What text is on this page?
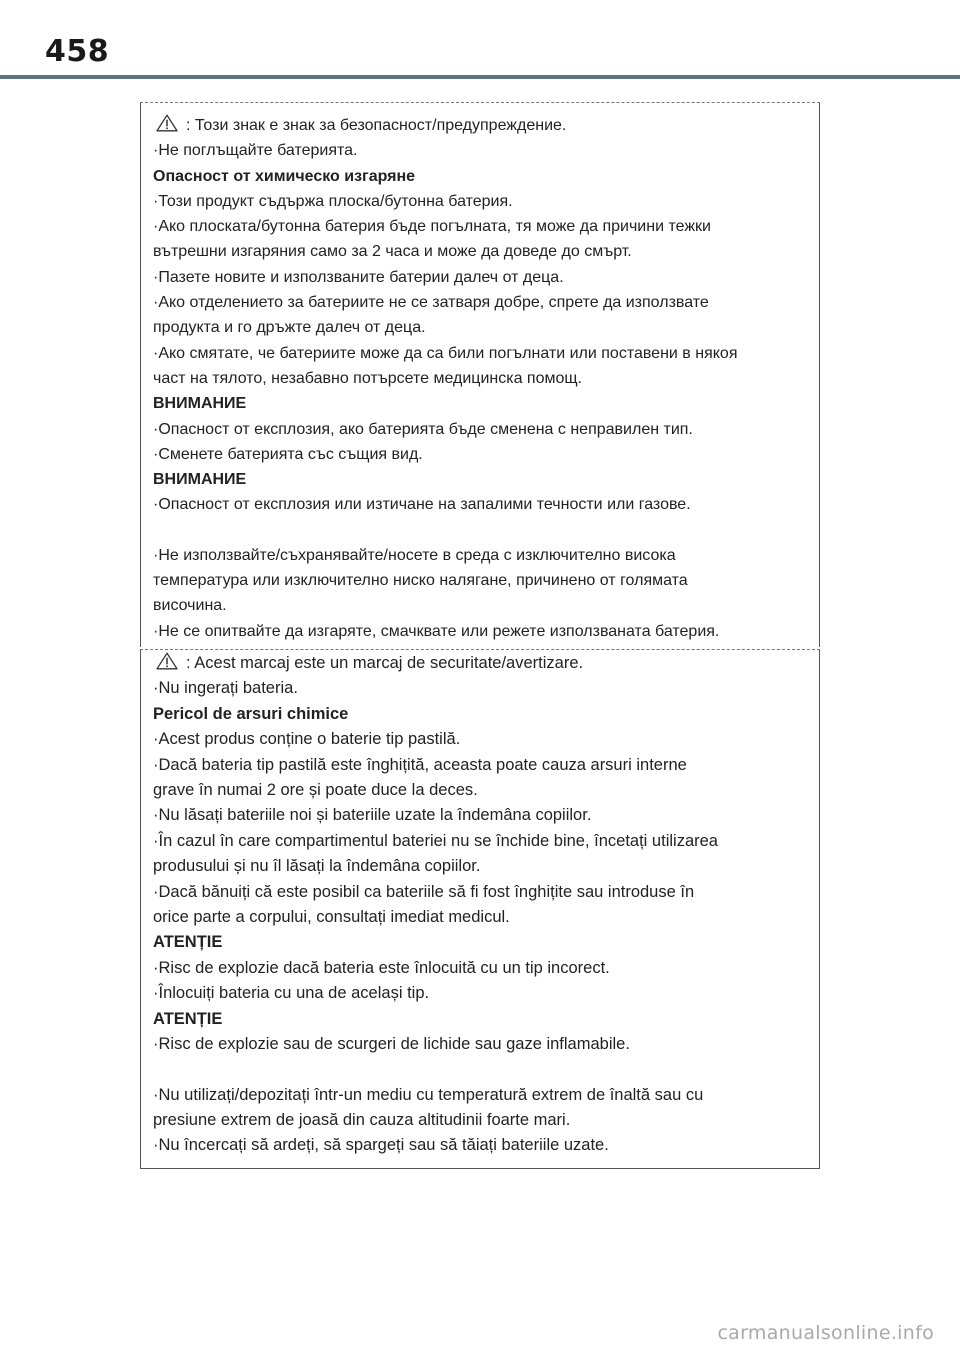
458

: Този знак е знак за безопасност/предупреждение.

·Не поглъщайте батерията.

Опасност от химическо изгаряне

·Този продукт съдържа плоска/бутонна батерия.

·Ако плоската/бутонна батерия бъде погълната, тя може да причини тежки

вътрешни изгаряния само за 2 часа и може да доведе до смърт.

·Пазете новите и използваните батерии далеч от деца.

·Ако отделението за батериите не се затваря добре, спрете да използвате

продукта и го дръжте далеч от деца.

·Ако смятате, че батериите може да са били погълнати или поставени в някоя

част на тялото, незабавно потърсете медицинска помощ.

ВНИМАНИЕ

·Опасност от експлозия, ако батерията бъде сменена с неправилен тип.

·Сменете батерията със същия вид.

ВНИМАНИЕ

·Опасност от експлозия или изтичане на запалими течности или газове.

·Не използвайте/съхранявайте/носете в среда с изключително висока

температура или изключително ниско налягане, причинено от голямата

височина.

·Не се опитвайте да изгаряте, смачквате или режете използваната батерия.

: Acest marcaj este un marcaj de securitate/avertizare.

·Nu ingerați bateria.

Pericol de arsuri chimice

·Acest produs conține o baterie tip pastilă.

·Dacă bateria tip pastilă este înghițită, aceasta poate cauza arsuri interne

grave în numai 2 ore și poate duce la deces.

·Nu lăsați bateriile noi și bateriile uzate la îndemâna copiilor.

·În cazul în care compartimentul bateriei nu se închide bine, încetați utilizarea

produsului și nu îl lăsați la îndemâna copiilor.

·Dacă bănuiți că este posibil ca bateriile să fi fost înghițite sau introduse în

orice parte a corpului, consultați imediat medicul.

ATENȚIE

·Risc de explozie dacă bateria este înlocuită cu un tip incorect.

·Înlocuiți bateria cu una de același tip.

ATENȚIE

·Risc de explozie sau de scurgeri de lichide sau gaze inflamabile.

·Nu utilizați/depozitați într-un mediu cu temperatură extrem de înaltă sau cu

presiune extrem de joasă din cauza altitudinii foarte mari.

·Nu încercați să ardeți, să spargeți sau să tăiați bateriile uzate.

carmanualsonline.info
